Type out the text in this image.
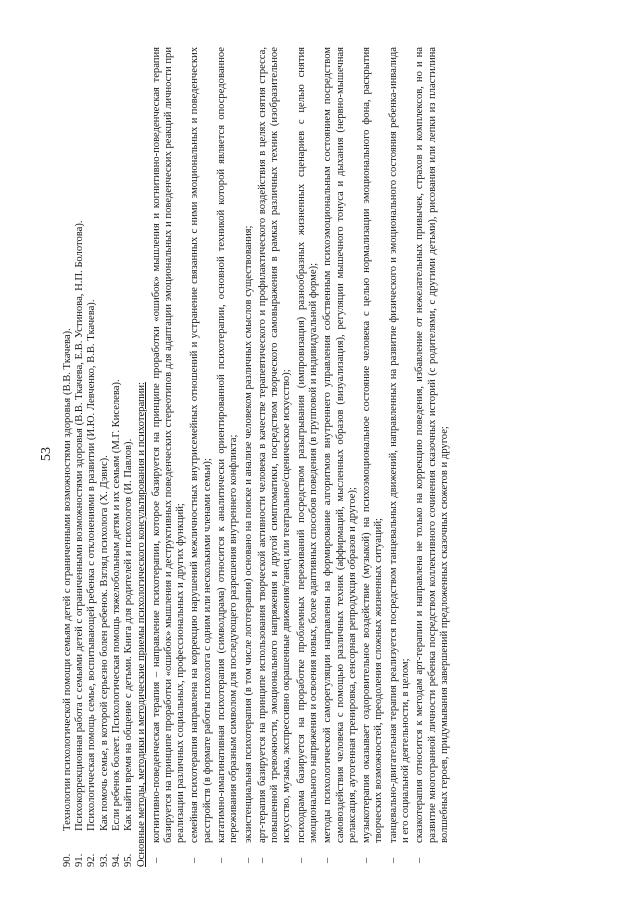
53
90.
Технологии психологической помощи семьям детей с ограниченными возможностями здоровья (В.В. Ткачева).
91.
Психокоррекционная работа с семьями детей с ограниченными возможностями здоровья (В.В. Ткачева, Е.В. Устинова, Н.П. Болотова).
92.
Психологическая помощь семье, воспитывающей ребенка с отклонениями в развитии (И.Ю. Левченко, В.В. Ткачева).
93.
Как помочь семье, в которой серьезно болен ребенок. Взгляд психолога (Х. Дэвис).
94.
Если ребенок болеет. Психологическая помощь тяжелобольным детям и их семьям (М.Г. Киселева).
95.
Как найти время на общение с детьми. Книга для родителей и психологов (И. Павлов). Основные методы, методики и методические приемы психологического консультирования и психотерапии: –
когнитивно-поведенческая терапия – направление психотерапии, которое базируется на принципе проработки «ошибок» мышления и когнитивно-поведенческая терапия базируется на принципе проработки «ошибок» мышления и деструктивных поведенческих стереотипов для адаптации эмоциональных и поведенческих реакций личности при реализации различных социальных, профессиональных и других функций;
–
семейная психотерапия направлена на коррекцию нарушений межличностных внутрисемейных отношений и устранение связанных с ними эмоциональных и поведенческих расстройств (в формате работы психолога с одним или несколькими членами семьи);
–
кататимно-имагинативная психотерапия (символдрама) относится к аналитически ориентированной психотерапии, основной техникой которой является опосредованное переживания образным символом для последующего разрешения внутреннего конфликта;
–
экзистенциальная психотерапия (в том числе логотерапия) основано на поиске и анализе человеком различных смыслов существования;
–
арт-терапия базируется на принципе использования творческой активности человека в качестве терапевтического и профилактического воздействия в целях снятия стресса, повышенной тревожности, эмоционального напряжения и другой симптоматики, посредством творческого самовыражения в рамках различных техник (изобразительное искусство, музыка, экспрессивно окрашенные движения/танец или театральное/сценическое искусство);
–
психодрама базируется на проработке проблемных переживаний посредством разыгрывания (импровизация) разнообразных жизненных сценариев с целью снятия эмоционального напряжения и освоения новых, более адаптивных способов поведения (в групповой и индивидуальной форме);
–
методы психологической саморегуляции направлены на формирование алгоритмов внутреннего управления собственным психоэмоциональным состоянием посредством самовоздействия человека с помощью различных техник (аффирмаций, мысленных образов (визуализация), регуляции мышечного тонуса и дыхания (нервно-мышечная релаксация, аутогенная тренировка, сенсорная репродукция образов и другое);
–
музыкотерапия оказывает оздоровительное воздействие (музыкой) на психоэмоциональное состояние человека с целью нормализации эмоционального фона, раскрытия творческих возможностей, преодоления сложных жизненных ситуаций;
–
танцевально-двигательная терапия реализуется посредством танцевальных движений, направленных на развитие физического и эмоционального состояния ребенка-инвалида и его социальной деятельности, в целом;
–
сказкотерапия относится к методам арт-терапии и направлена не только на коррекцию поведения, избавление от нежелательных привычек, страхов и комплексов, но и на развитие многогранной личности ребенка посредством коллективного сочинения сказочных историй (с родителями, с другими детьми), рисования или лепки из пластилина волшебных героев, придумывания завершений предложенных сказочных сюжетов и другое;
